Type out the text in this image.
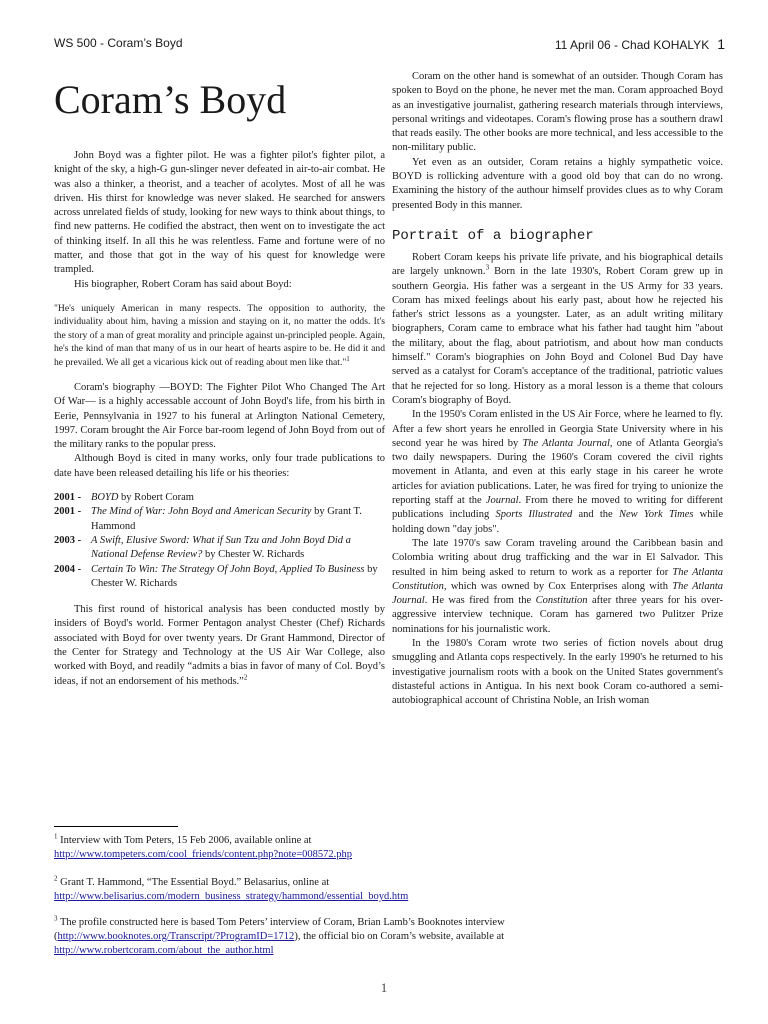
WS 500 - Coram’s Boyd	11 April 06 - Chad KOHALYK 1
Coram’s Boyd

John Boyd was a fighter pilot. He was a fighter pilot's fighter pilot, a knight of the sky, a high-G gun-slinger never defeated in air-to-air combat. He was also a thinker, a theorist, and a teacher of acolytes. Most of all he was driven. His thirst for knowledge was never slaked. He searched for answers across unrelated fields of study, looking for new ways to think about things, to find new patterns. He codified the abstract, then went on to investigate the act of thinking itself. In all this he was relentless. Fame and fortune were of no matter, and those that got in the way of his quest for knowledge were trampled.

His biographer, Robert Coram has said about Boyd:

"He's uniquely American in many respects. The opposition to authority, the individuality about him, having a mission and staying on it, no matter the odds. It's the story of a man of great morality and principle against un-principled people. Again, he's the kind of man that many of us in our heart of hearts aspire to be. He did it and he prevailed. We all get a vicarious kick out of reading about men like that."$^1$

Coram's biography —BOYD: The Fighter Pilot Who Changed The Art Of War— is a highly accessable account of John Boyd's life, from his birth in Eerie, Pennsylvania in 1927 to his funeral at Arlington National Cemetery, 1997. Coram brought the Air Force bar-room legend of John Boyd from out of the military ranks to the popular press.

Although Boyd is cited in many works, only four trade publications to date have been released detailing his life or his theories:

2001 - BOYD by Robert Coram
2001 - The Mind of War: John Boyd and American Security by Grant T. Hammond
2003 - A Swift, Elusive Sword: What if Sun Tzu and John Boyd Did a National Defense Review? by Chester W. Richards
2004 - Certain To Win: The Strategy Of John Boyd, Applied To Business by Chester W. Richards

This first round of historical analysis has been conducted mostly by insiders of Boyd's world. Former Pentagon analyst Chester (Chef) Richards associated with Boyd for over twenty years. Dr Grant Hammond, Director of the Center for Strategy and Technology at the US Air War College, also worked with Boyd, and readily “admits a bias in favor of many of Col. Boyd’s ideas, if not an endorsement of his methods.”$^2$

Coram on the other hand is somewhat of an outsider. Though Coram has spoken to Boyd on the phone, he never met the man. Coram approached Boyd as an investigative journalist, gathering research materials through interviews, personal writings and videotapes. Coram's flowing prose has a southern drawl that reads easily. The other books are more technical, and less accessible to the non-military public.

Yet even as an outsider, Coram retains a highly sympathetic voice. BOYD is rollicking adventure with a good old boy that can do no wrong. Examining the history of the authour himself provides clues as to why Coram presented Body in this manner.

Portrait of a biographer

Robert Coram keeps his private life private, and his biographical details are largely unknown.$^3$ Born in the late 1930's, Robert Coram grew up in southern Georgia. His father was a sergeant in the US Army for 33 years. Coram has mixed feelings about his early past, about how he rejected his father's strict lessons as a youngster. Later, as an adult writing military biographers, Coram came to embrace what his father had taught him "about the military, about the flag, about patriotism, and about how man conducts himself." Coram's biographies on John Boyd and Colonel Bud Day have served as a catalyst for Coram's acceptance of the traditional, patriotic values that he rejected for so long. History as a moral lesson is a theme that colours Coram's biography of Boyd.

In the 1950's Coram enlisted in the US Air Force, where he learned to fly. After a few short years he enrolled in Georgia State University where in his second year he was hired by The Atlanta Journal, one of Atlanta Georgia's two daily newspapers. During the 1960's Coram covered the civil rights movement in Atlanta, and even at this early stage in his career he wrote articles for aviation publications. Later, he was fired for trying to unionize the reporting staff at the Journal. From there he moved to writing for different publications including Sports Illustrated and the New York Times while holding down "day jobs".

The late 1970's saw Coram traveling around the Caribbean basin and Colombia writing about drug trafficking and the war in El Salvador. This resulted in him being asked to return to work as a reporter for The Atlanta Constitution, which was owned by Cox Enterprises along with The Atlanta Journal. He was fired from the Constitution after three years for his over-aggressive interview technique. Coram has garnered two Pulitzer Prize nominations for his journalistic work.

In the 1980's Coram wrote two series of fiction novels about drug smuggling and Atlanta cops respectively. In the early 1990's he returned to his investigative journalism roots with a book on the United States government's distasteful actions in Antigua. In his next book Coram co-authored a semi-autobiographical account of Christina Noble, an Irish woman

$^1$ Interview with Tom Peters, 15 Feb 2006, available online at
http://www.tompeters.com/cool_friends/content.php?note=008572.php
$^2$ Grant T. Hammond, “The Essential Boyd.” Belasarius, online at
http://www.belisarius.com/modern_business_strategy/hammond/essential_boyd.htm
$^3$ The profile constructed here is based Tom Peters’ interview of Coram, Brian Lamb’s Booknotes interview
(http://www.booknotes.org/Transcript/?ProgramID=1712), the official bio on Coram’s website, available at
http://www.robertcoram.com/about_the_author.html
1
